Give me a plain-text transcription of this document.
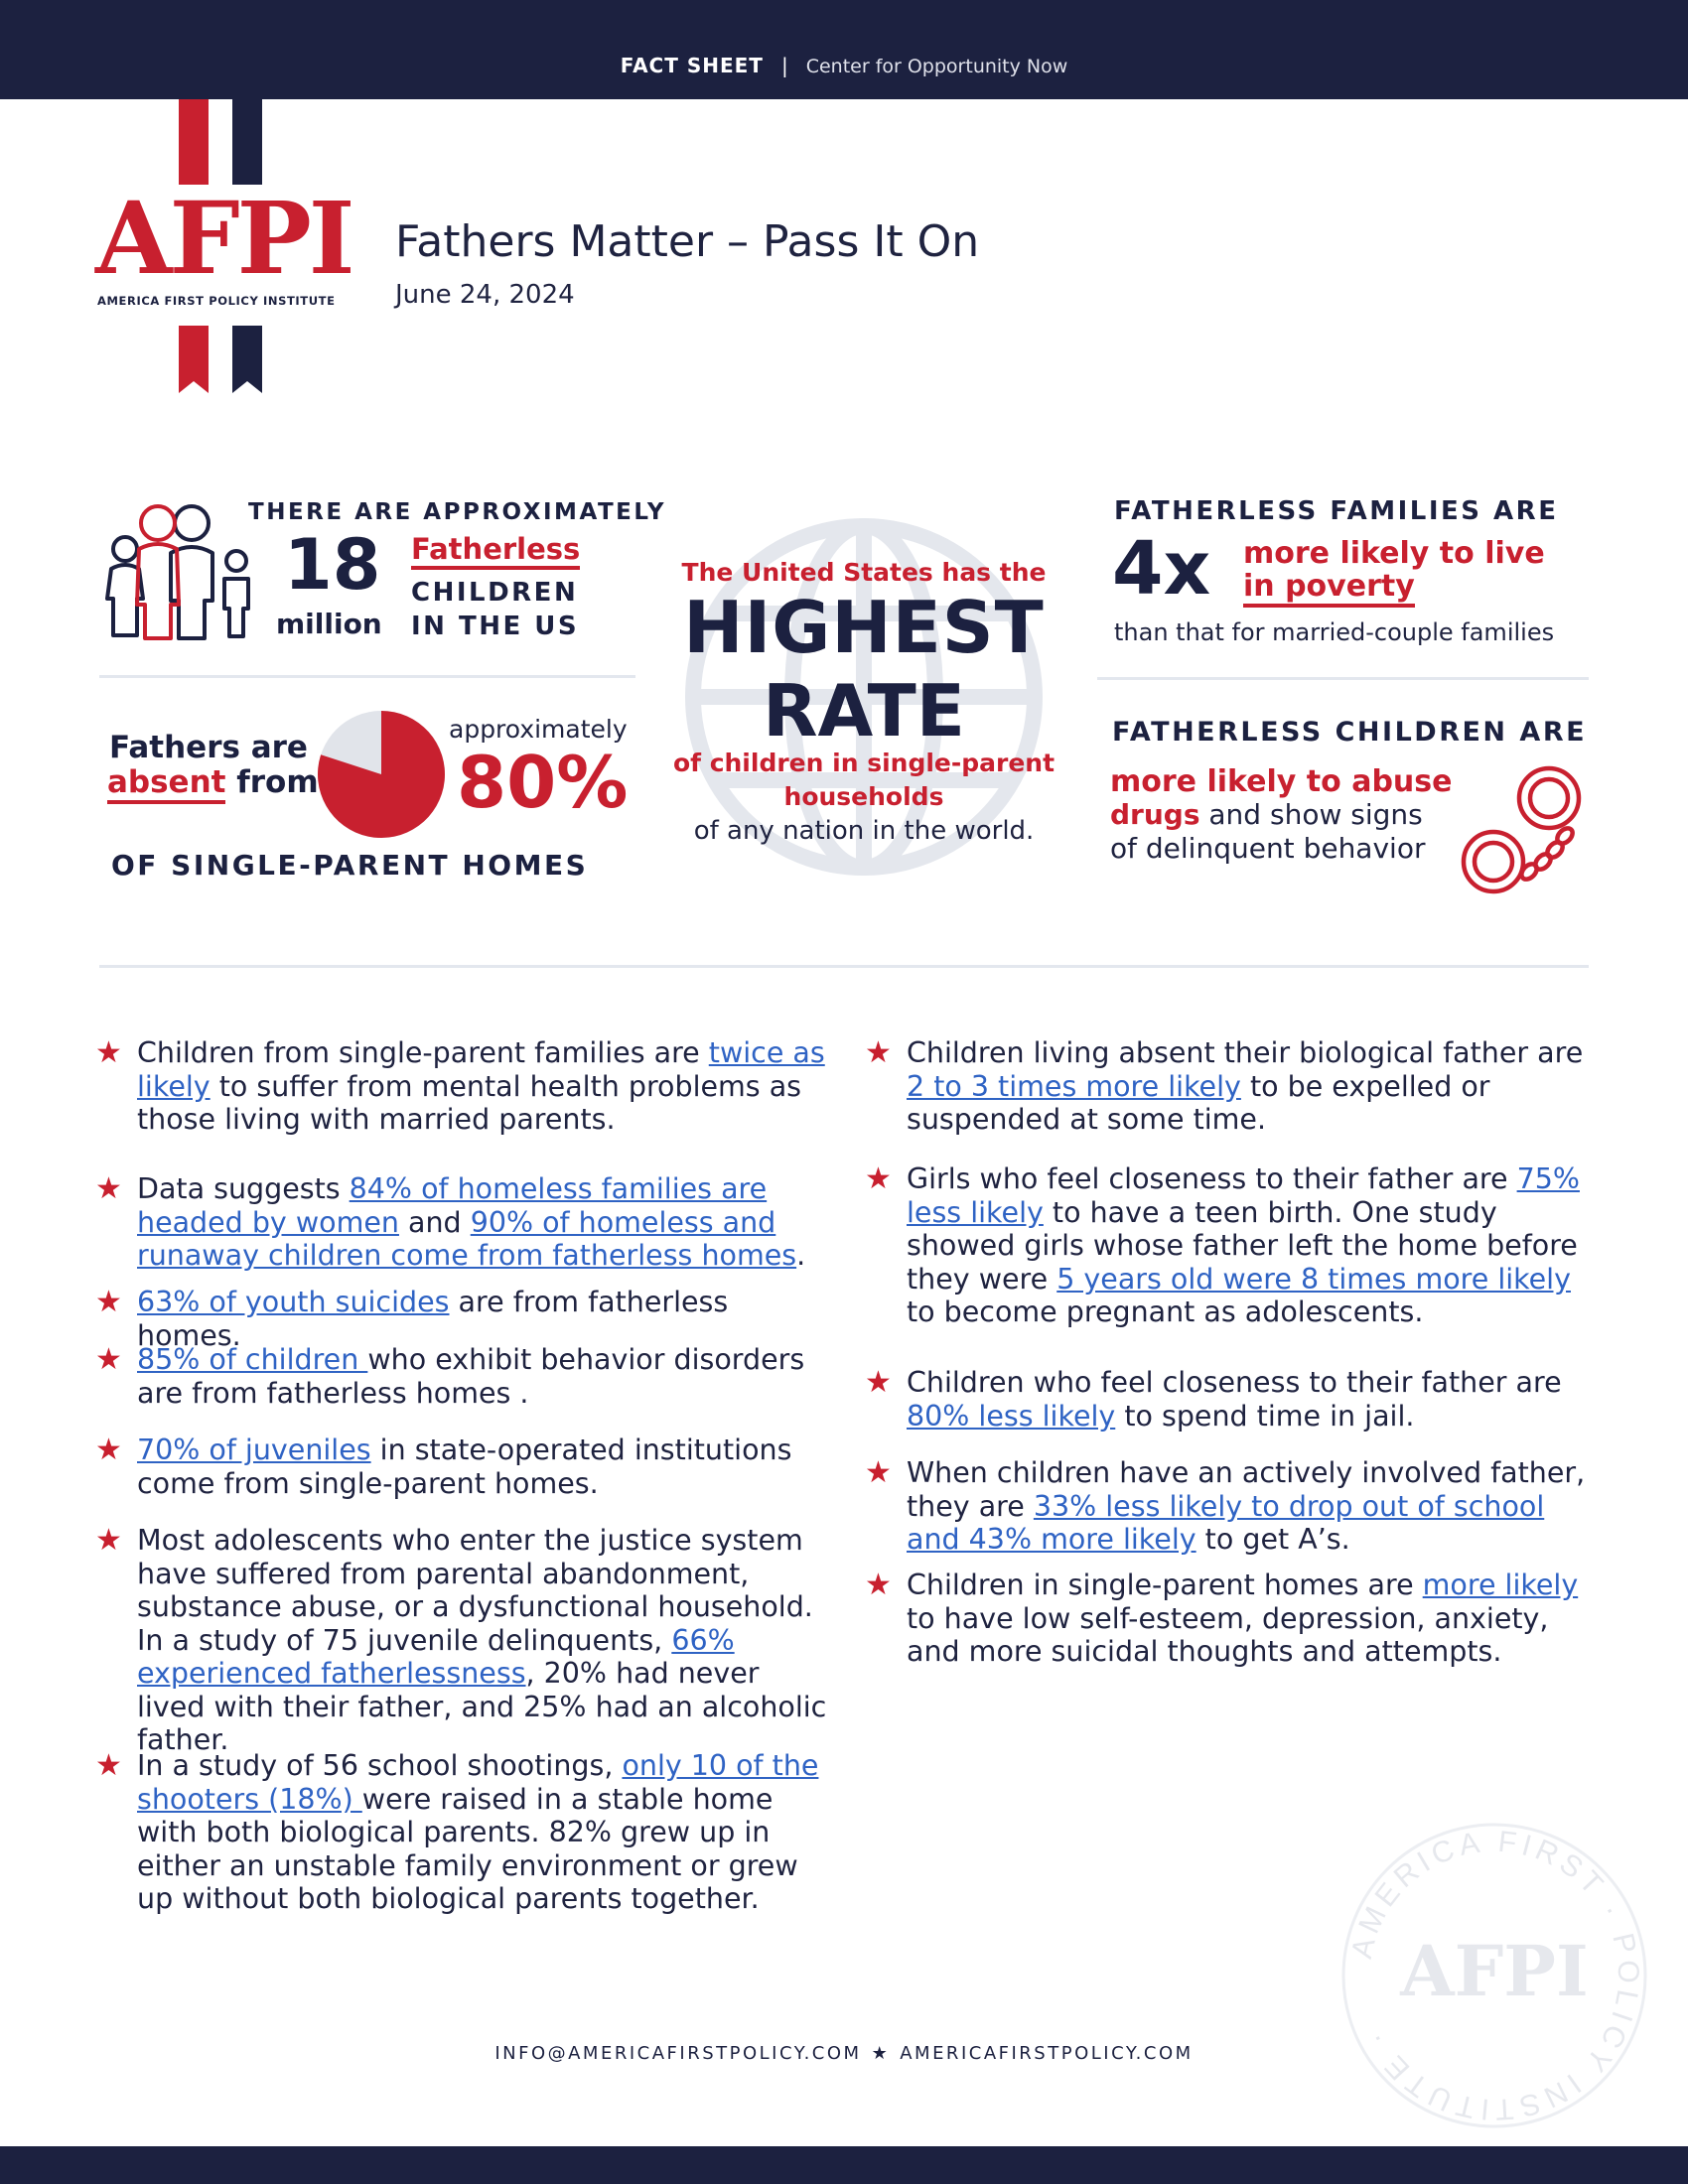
FACT SHEET | Center for Opportunity Now
AFPI
AMERICA FIRST POLICY INSTITUTE
Fathers Matter – Pass It On
June 24, 2024
THERE ARE APPROXIMATELY
18
million
Fatherless
CHILDREN
IN THE US
Fathers are
absent from
approximately
80%
OF SINGLE-PARENT HOMES
The United States has the
HIGHEST
RATE
of children in single-parent
households
of any nation in the world.
FATHERLESS FAMILIES ARE
4x more likely to live
in poverty
than that for married-couple families
FATHERLESS CHILDREN ARE
more likely to abuse
drugs and show signs
of delinquent behavior
★ Children from single-parent families are twice as likely to suffer from mental health problems as those living with married parents.
★ Data suggests 84% of homeless families are headed by women and 90% of homeless and runaway children come from fatherless homes.
★ 63% of youth suicides are from fatherless homes.
★ 85% of children who exhibit behavior disorders are from fatherless homes .
★ 70% of juveniles in state-operated institutions come from single-parent homes.
★ Most adolescents who enter the justice system have suffered from parental abandonment, substance abuse, or a dysfunctional household. In a study of 75 juvenile delinquents, 66% experienced fatherlessness, 20% had never lived with their father, and 25% had an alcoholic father.
★ In a study of 56 school shootings, only 10 of the shooters (18%) were raised in a stable home with both biological parents. 82% grew up in either an unstable family environment or grew up without both biological parents together.
★ Children living absent their biological father are 2 to 3 times more likely to be expelled or suspended at some time.
★ Girls who feel closeness to their father are 75% less likely to have a teen birth. One study showed girls whose father left the home before they were 5 years old were 8 times more likely to become pregnant as adolescents.
★ Children who feel closeness to their father are 80% less likely to spend time in jail.
★ When children have an actively involved father, they are 33% less likely to drop out of school and 43% more likely to get A’s.
★ Children in single-parent homes are more likely to have low self-esteem, depression, anxiety, and more suicidal thoughts and attempts.
AMERICA FIRST · POLICY INSTITUTE ·
AFPI
INFO@AMERICAFIRSTPOLICY.COM ★ AMERICAFIRSTPOLICY.COM
